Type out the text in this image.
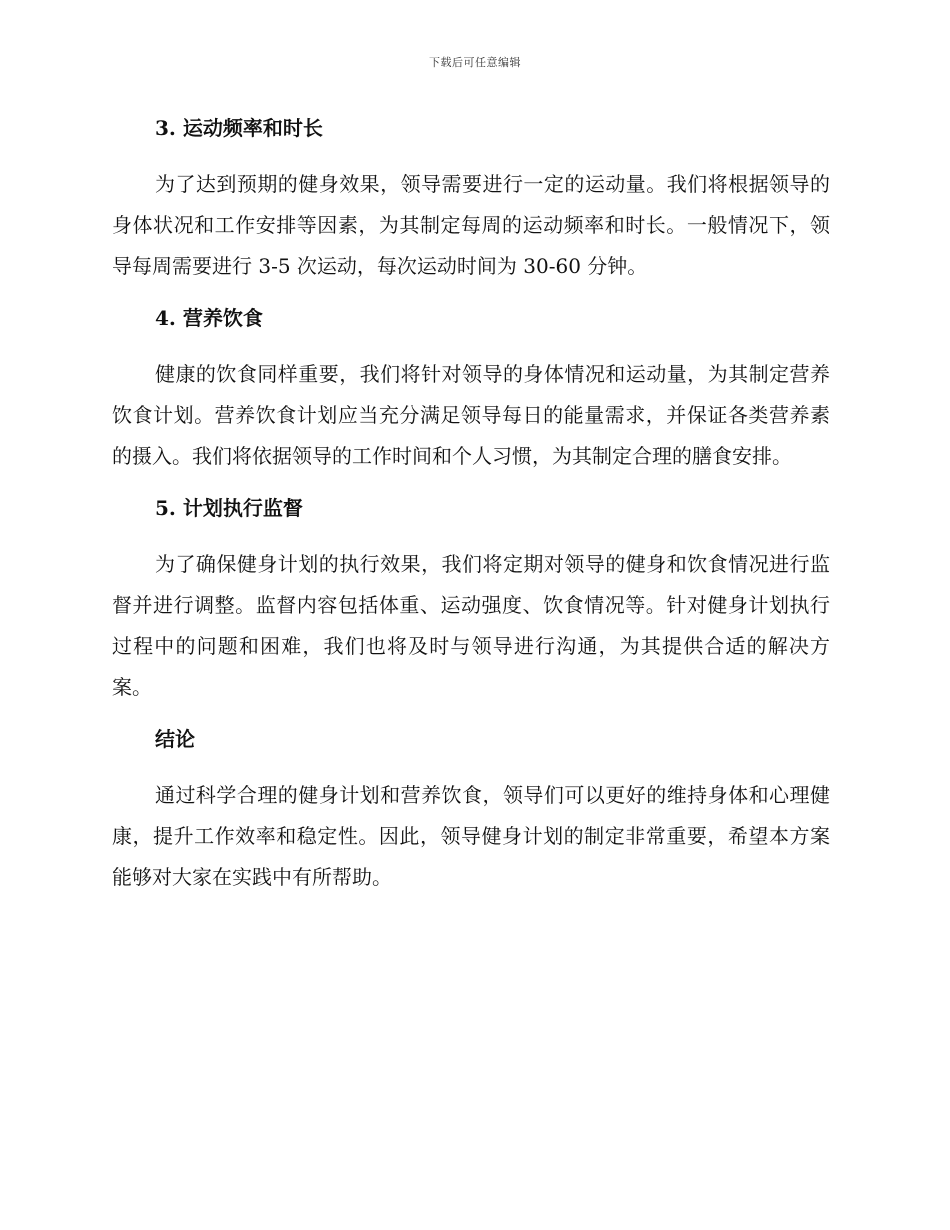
下载后可任意编辑
3. 运动频率和时长

为了达到预期的健身效果，领导需要进行一定的运动量。我们将根据领导的身体状况和工作安排等因素，为其制定每周的运动频率和时长。一般情况下，领导每周需要进行 3-5 次运动，每次运动时间为 30-60 分钟。

4. 营养饮食

健康的饮食同样重要，我们将针对领导的身体情况和运动量，为其制定营养饮食计划。营养饮食计划应当充分满足领导每日的能量需求，并保证各类营养素的摄入。我们将依据领导的工作时间和个人习惯，为其制定合理的膳食安排。

5. 计划执行监督

为了确保健身计划的执行效果，我们将定期对领导的健身和饮食情况进行监督并进行调整。监督内容包括体重、运动强度、饮食情况等。针对健身计划执行过程中的问题和困难，我们也将及时与领导进行沟通，为其提供合适的解决方案。

结论

通过科学合理的健身计划和营养饮食，领导们可以更好的维持身体和心理健康，提升工作效率和稳定性。因此，领导健身计划的制定非常重要，希望本方案能够对大家在实践中有所帮助。
